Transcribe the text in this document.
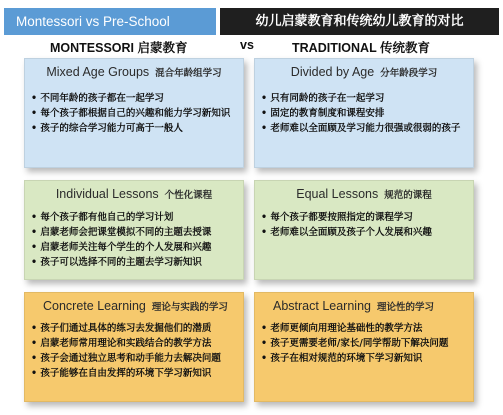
Montessori vs Pre-School	幼儿启蒙教育和传统幼儿教育的对比
MONTESSORI 启蒙教育	vs	TRADITIONAL 传统教育
Mixed Age Groups 混合年龄组学习
• 不同年龄的孩子都在一起学习
• 每个孩子都根据自己的兴趣和能力学习新知识
• 孩子的综合学习能力可高于一般人
Divided by Age 分年龄段学习
• 只有同龄的孩子在一起学习
• 固定的教育制度和课程安排
• 老师难以全面顾及学习能力很强或很弱的孩子
Individual Lessons 个性化课程
• 每个孩子都有他自己的学习计划
• 启蒙老师会把课堂模拟不同的主题去授课
• 启蒙老师关注每个学生的个人发展和兴趣
• 孩子可以选择不同的主题去学习新知识
Equal Lessons 规范的课程
• 每个孩子都要按照指定的课程学习
• 老师难以全面顾及孩子个人发展和兴趣
Concrete Learning 理论与实践的学习
• 孩子们通过具体的练习去发掘他们的潜质
• 启蒙老师常用理论和实践结合的教学方法
• 孩子会通过独立思考和动手能力去解决问题
• 孩子能够在自由发挥的环境下学习新知识
Abstract Learning 理论性的学习
• 老师更倾向用理论基础性的教学方法
• 孩子更需要老师/家长/同学帮助下解决问题
• 孩子在相对规范的环境下学习新知识
